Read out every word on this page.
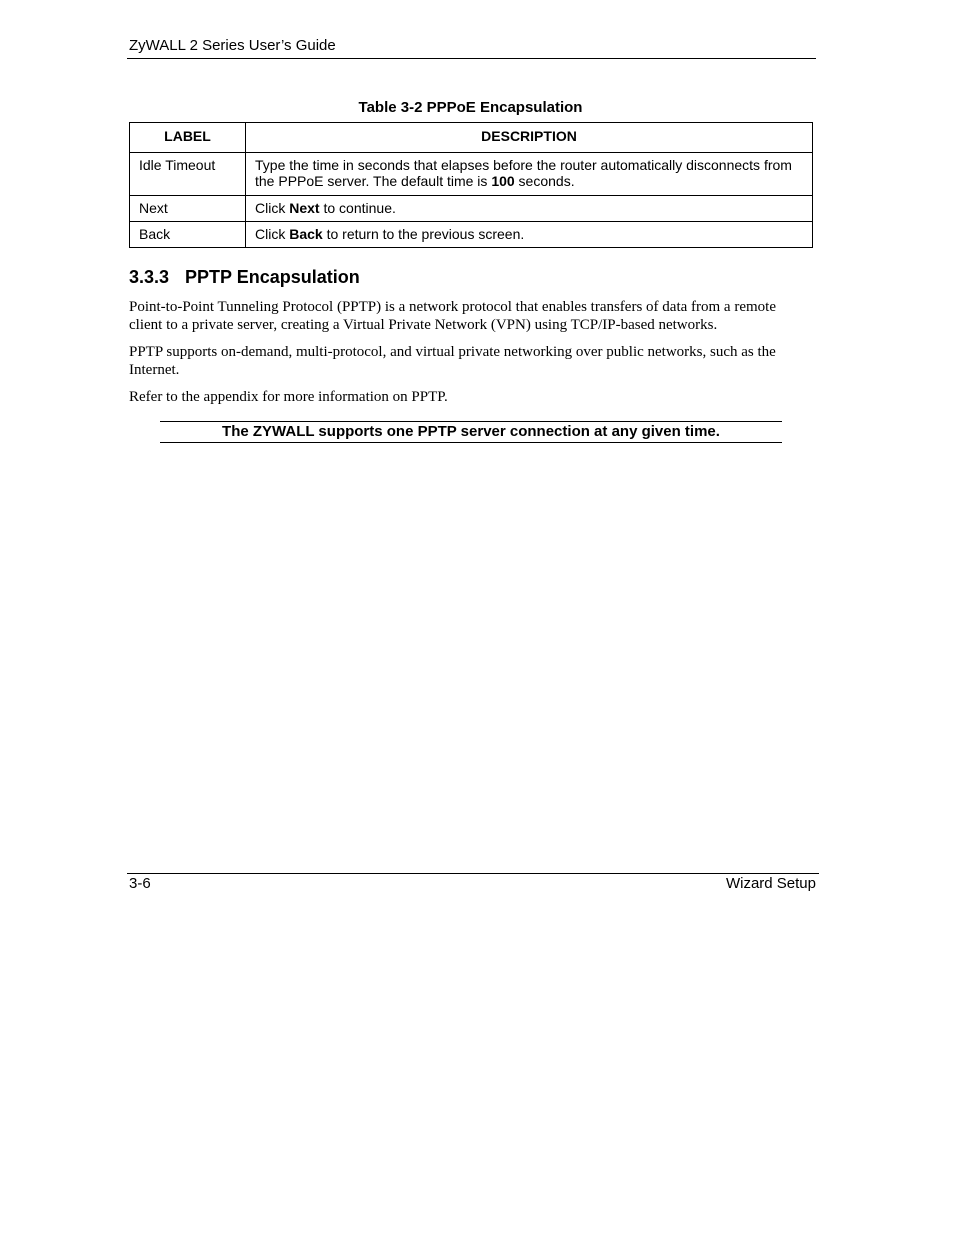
ZyWALL 2 Series User’s Guide
Table 3-2 PPPoE Encapsulation
LABEL	DESCRIPTION
Idle Timeout	Type the time in seconds that elapses before the router automatically disconnects from the PPPoE server. The default time is 100 seconds.
Next	Click Next to continue.
Back	Click Back to return to the previous screen.
3.3.3 PPTP Encapsulation
Point-to-Point Tunneling Protocol (PPTP) is a network protocol that enables transfers of data from a remote client to a private server, creating a Virtual Private Network (VPN) using TCP/IP-based networks.
PPTP supports on-demand, multi-protocol, and virtual private networking over public networks, such as the Internet.
Refer to the appendix for more information on PPTP.
The ZYWALL supports one PPTP server connection at any given time.
3-6	Wizard Setup
